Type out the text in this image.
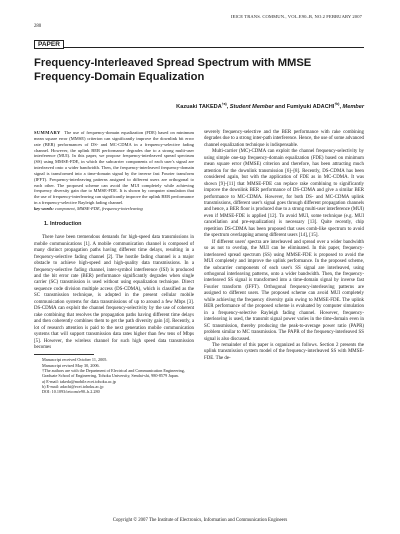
IEICE TRANS. COMMUN., VOL.E90–B, NO.2 FEBRUARY 2007
280
PAPER
Frequency-Interleaved Spread Spectrum with MMSE Frequency-Domain Equalization
Kazuaki TAKEDA$^{\dagger a)}$, Student Member and Fumiyuki ADACHI$^{\dagger b)}$, Member

SUMMARY The use of frequency-domain equalization (FDE) based on minimum mean square error (MMSE) criterion can significantly improve the downlink bit error rate (BER) performances of DS- and MC-CDMA in a frequency-selective fading channel. However, the uplink BER performance degrades due to a strong multi-user interference (MUI). In this paper, we propose frequency-interleaved spread spectrum (SS) using MMSE-FDE, in which the subcarrier components of each user's signal are interleaved onto a wider bandwidth. Then, the frequency-interleaved frequency-domain signal is transformed into a time-domain signal by the inverse fast Fourier transform (IFFT). Frequency-interleaving patterns assigned to different users are orthogonal to each other. The proposed scheme can avoid the MUI completely while achieving frequency diversity gain due to MMSE-FDE. It is shown by computer simulation that the use of frequency-interleaving can significantly improve the uplink BER performance in a frequency-selective Rayleigh fading channel.

key words: component, MMSE-FDE, frequency-interleaving

1. Introduction

There have been tremendous demands for high-speed data transmissions in mobile communications [1]. A mobile communication channel is composed of many distinct propagation paths having different time delays, resulting in a frequency-selective fading channel [2]. The hostile fading channel is a major obstacle to achieve high-speed and high-quality data transmissions. In a frequency-selective fading channel, inter-symbol interference (ISI) is produced and the bit error rate (BER) performance significantly degrades when single carrier (SC) transmission is used without using equalization technique. Direct sequence code division multiple access (DS-CDMA), which is classified as the SC transmission technique, is adopted in the present cellular mobile communication systems for data transmissions of up to around a few Mbps [3]. DS-CDMA can exploit the channel frequency-selectivity by the use of coherent rake combining that resolves the propagation paths having different time delays and then coherently combines them to get the path diversity gain [4]. Recently, a lot of research attention is paid to the next generation mobile communication systems that will support transmission data rates higher than few tens of Mbps [5]. However, the wireless channel for such high speed data transmission becomes

Manuscript received October 11, 2005.
Manuscript revised May 30, 2006.
†The authors are with the Department of Electrical and Communication Engineering, Graduate School of Engineering, Tohoku University, Sendai-shi, 980-8579 Japan.
a) E-mail: takeda@mobile.ecei.tohoku.ac.jp
b) E-mail: adachi@ecei.tohoku.ac.jp
DOI: 10.1093/ietcom/e90–b.2.280

severely frequency-selective and the BER performance with rake combining degrades due to a strong inter-path interference. Hence, the use of some advanced channel equalization technique is indispensable.

Multi-carrier (MC)-CDMA can exploit the channel frequency-selectivity by using simple one-tap frequency-domain equalization (FDE) based on minimum mean square error (MMSE) criterion and therefore, has been attracting much attention for the downlink transmission [6]–[8]. Recently, DS-CDMA has been considered again, but with the application of FDE as in MC-CDMA. It was shown [9]–[11] that MMSE-FDE can replace rake combining to significantly improve the downlink BER performance of DS-CDMA and give a similar BER performance to MC-CDMA. However, for both DS- and MC-CDMA uplink transmissions, different user's signal goes through different propagation channels and hence, a BER floor is produced due to a strong multi-user interference (MUI) even if MMSE-FDE is applied [12]. To avoid MUI, some technique (e.g. MUI cancellation and pre-equalization) is necessary [13]. Quite recently, chip repetition DS-CDMA has been proposed that uses comb-like spectrum to avoid the spectrum overlapping among different users [14], [15].

If different users' spectra are interleaved and spread over a wider bandwidth so as not to overlap, the MUI can be eliminated. In this paper, frequency-interleaved spread spectrum (SS) using MMSE-FDE is proposed to avoid the MUI completely and improve the uplink performance. In the proposed scheme, the subcarrier components of each user's SS signal are interleaved, using orthogonal interleaving patterns, onto a wider bandwidth. Then, the frequency-interleaved SS signal is transformed into a time-domain signal by inverse fast Fourier transform (IFFT). Orthogonal frequency-interleaving patterns are assigned to different users. The proposed scheme can avoid MUI completely while achieving the frequency diversity gain owing to MMSE-FDE. The uplink BER performance of the proposed scheme is evaluated by computer simulation in a frequency-selective Rayleigh fading channel. However, frequency-interleaving is used, the transmit signal power varies in the time-domain even in SC transmission, thereby producing the peak-to-average power ratio (PAPR) problem similar to MC transmission. The PAPR of the frequency-interleaved SS signal is also discussed.

The remainder of this paper is organized as follows. Section 2 presents the uplink transmission system model of the frequency-interleaved SS with MMSE-FDE. The de-

Copyright © 2007 The Institute of Electronics, Information and Communication Engineers
